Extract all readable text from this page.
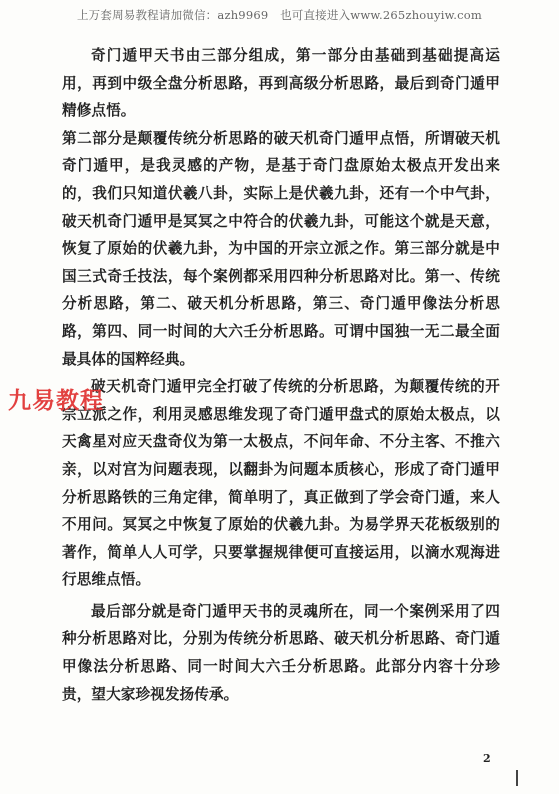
上万套周易教程请加微信：azh9969　也可直接进入www.265zhouyiw.com

奇门遁甲天书由三部分组成，第一部分由基础到基础提高运用，再到中级全盘分析思路，再到高级分析思路，最后到奇门遁甲精修点悟。

第二部分是颠覆传统分析思路的破天机奇门遁甲点悟，所谓破天机奇门遁甲，是我灵感的产物，是基于奇门盘原始太极点开发出来的，我们只知道伏羲八卦，实际上是伏羲九卦，还有一个中气卦，破天机奇门遁甲是冥冥之中符合的伏羲九卦，可能这个就是天意，恢复了原始的伏羲九卦，为中国的开宗立派之作。第三部分就是中国三式奇壬技法，每个案例都采用四种分析思路对比。第一、传统分析思路，第二、破天机分析思路，第三、奇门遁甲像法分析思路，第四、同一时间的大六壬分析思路。可谓中国独一无二最全面最具体的国粹经典。

破天机奇门遁甲完全打破了传统的分析思路，为颠覆传统的开宗立派之作，利用灵感思维发现了奇门遁甲盘式的原始太极点，以天禽星对应天盘奇仪为第一太极点，不问年命、不分主客、不推六亲，以对宫为问题表现，以翻卦为问题本质核心，形成了奇门遁甲分析思路铁的三角定律，简单明了，真正做到了学会奇门遁，来人不用问。冥冥之中恢复了原始的伏羲九卦。为易学界天花板级别的著作，简单人人可学，只要掌握规律便可直接运用，以滴水观海进行思维点悟。

最后部分就是奇门遁甲天书的灵魂所在，同一个案例采用了四种分析思路对比，分别为传统分析思路、破天机分析思路、奇门遁甲像法分析思路、同一时间大六壬分析思路。此部分内容十分珍贵，望大家珍视发扬传承。

九易教程
2
